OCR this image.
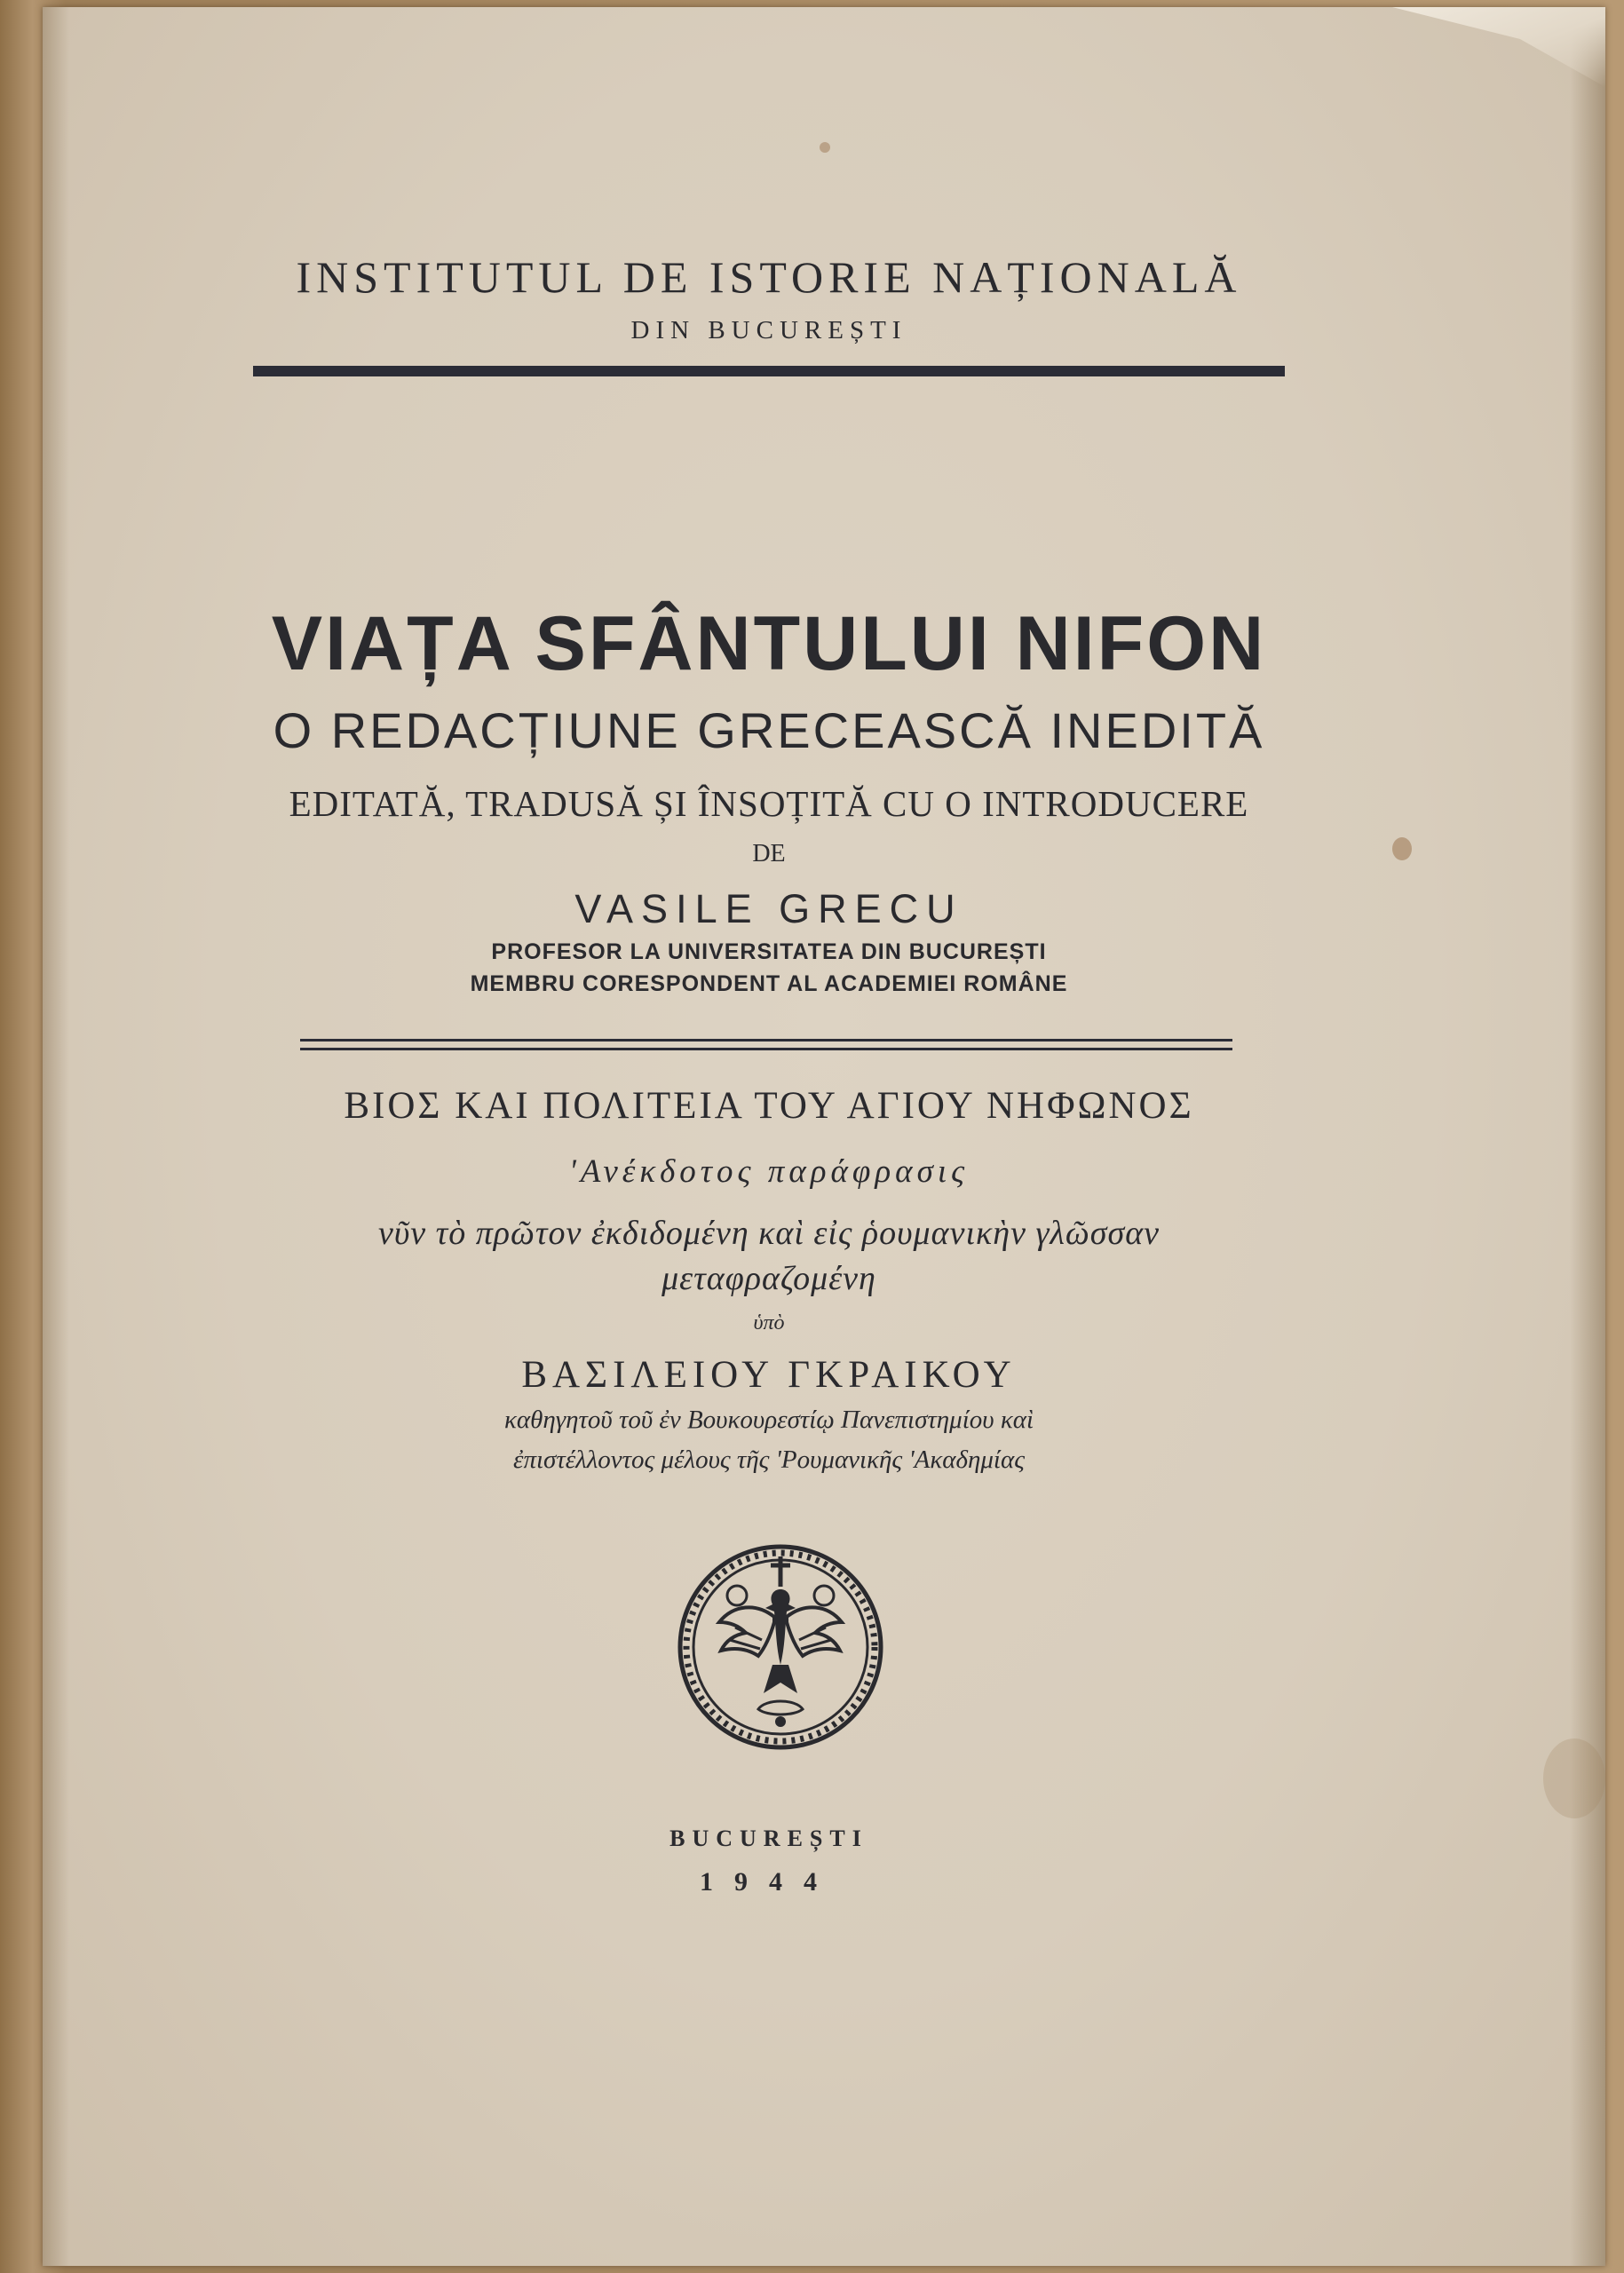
INSTITUTUL DE ISTORIE NAȚIONALĂ
DIN BUCUREȘTI
VIAȚA SFÂNTULUI NIFON
O REDACȚIUNE GRECEASCĂ INEDITĂ
EDITATĂ, TRADUSĂ ȘI ÎNSOȚITĂ CU O INTRODUCERE
DE
VASILE GRECU
PROFESOR LA UNIVERSITATEA DIN BUCUREȘTI
MEMBRU CORESPONDENT AL ACADEMIEI ROMÂNE
ΒΙΟΣ ΚΑΙ ΠΟΛΙΤΕΙΑ ΤΟΥ ΑΓΙΟΥ ΝΗΦΩΝΟΣ
'Ανέκδοτος παράφρασις
νῦν τὸ πρῶτον ἐκδιδομένη καὶ εἰς ῥουμανικὴν γλῶσσαν
μεταφραζομένη
ὑπὸ
ΒΑΣΙΛΕΙΟΥ ΓΚΡΑΙΚΟΥ
καθηγητοῦ τοῦ ἐν Βουκουρεστίῳ Πανεπιστημίου καὶ
ἐπιστέλλοντος μέλους τῆς 'Ρουμανικῆς 'Ακαδημίας
BUCUREȘTI
1944
